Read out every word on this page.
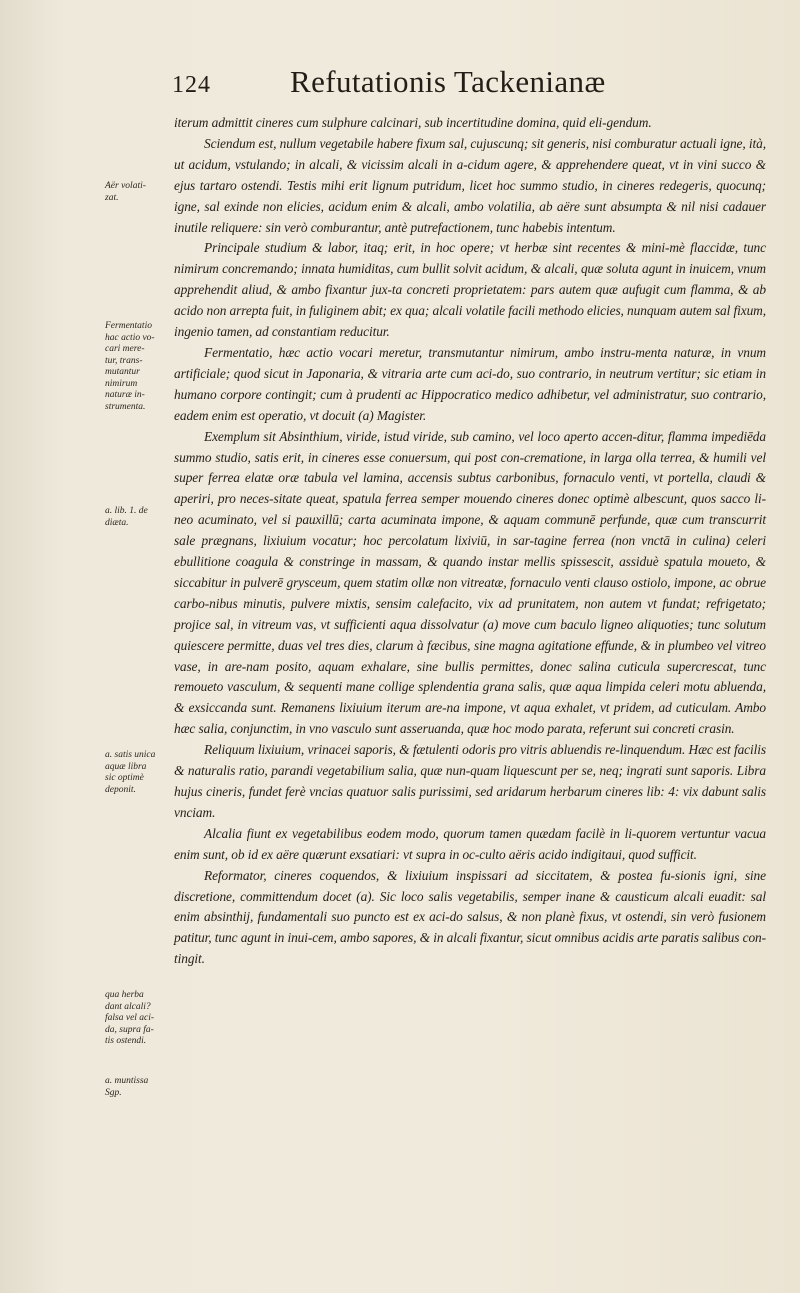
124	Refutationis Tackenianæ
Aër volati-
zat.
Fermentatio
hac actio vo-
cari mere-
tur, trans-
mutantur
nimirum
naturæ in-
strumenta.
a. lib. 1. de
diæta.
a. satis unica
aquæ libra
sic optimè
deponit.
qua herba
dant alcali?
falsa vel aci-
da, supra fa-
tis ostendi.
a. muntissa
Sgp.

iterum admittit cineres cum sulphure calcinari, sub incertitudine domina, quid eli-gendum.

Sciendum est, nullum vegetabile habere fixum sal, cujuscunq; sit generis, nisi comburatur actuali igne, ità, ut acidum, vstulando; in alcali, & vicissim alcali in a-cidum agere, & apprehendere queat, vt in vini succo & ejus tartaro ostendi. Testis mihi erit lignum putridum, licet hoc summo studio, in cineres redegeris, quocunq; igne, sal exinde non elicies, acidum enim & alcali, ambo volatilia, ab aëre sunt absumpta & nil nisi cadauer inutile reliquere: sin verò comburantur, antè putrefactionem, tunc habebis intentum.

Principale studium & labor, itaq; erit, in hoc opere; vt herbæ sint recentes & mini-mè flaccidæ, tunc nimirum concremando; innata humiditas, cum bullit solvit acidum, & alcali, quæ soluta agunt in inuicem, vnum apprehendit aliud, & ambo fixantur jux-ta concreti proprietatem: pars autem quæ aufugit cum flamma, & ab acido non arrepta fuit, in fuliginem abit; ex qua; alcali volatile facili methodo elicies, nunquam autem sal fixum, ingenio tamen, ad constantiam reducitur.

Fermentatio, hæc actio vocari meretur, transmutantur nimirum, ambo instru-menta naturæ, in vnum artificiale; quod sicut in Japonaria, & vitraria arte cum aci-do, suo contrario, in neutrum vertitur; sic etiam in humano corpore contingit; cum à prudenti ac Hippocratico medico adhibetur, vel administratur, suo contrario, eadem enim est operatio, vt docuit (a) Magister.

Exemplum sit Absinthium, viride, istud viride, sub camino, vel loco aperto accen-ditur, flamma impediēda summo studio, satis erit, in cineres esse conuersum, qui post con-crematione, in larga olla terrea, & humili vel super ferrea elatæ oræ tabula vel lamina, accensis subtus carbonibus, fornaculo venti, vt portella, claudi & aperiri, pro neces-sitate queat, spatula ferrea semper mouendo cineres donec optimè albescunt, quos sacco li-neo acuminato, vel si pauxillū; carta acuminata impone, & aquam communē perfunde, quæ cum transcurrit sale prægnans, lixiuium vocatur; hoc percolatum lixiviū, in sar-tagine ferrea (non vnctā in culina) celeri ebullitione coagula & constringe in massam, & quando instar mellis spissescit, assiduè spatula moueto, & siccabitur in pulverē grysceum, quem statim ollæ non vitreatæ, fornaculo venti clauso ostiolo, impone, ac obrue carbo-nibus minutis, pulvere mixtis, sensim calefacito, vix ad prunitatem, non autem vt fundat; refrigetato; projice sal, in vitreum vas, vt sufficienti aqua dissolvatur (a) move cum baculo ligneo aliquoties; tunc solutum quiescere permitte, duas vel tres dies, clarum à fæcibus, sine magna agitatione effunde, & in plumbeo vel vitreo vase, in are-nam posito, aquam exhalare, sine bullis permittes, donec salina cuticula supercrescat, tunc remoueto vasculum, & sequenti mane collige splendentia grana salis, quæ aqua limpida celeri motu abluenda, & exsiccanda sunt. Remanens lixiuium iterum are-na impone, vt aqua exhalet, vt pridem, ad cuticulam. Ambo hæc salia, conjunctim, in vno vasculo sunt asseruanda, quæ hoc modo parata, referunt sui concreti crasin.

Reliquum lixiuium, vrinacei saporis, & fætulenti odoris pro vitris abluendis re-linquendum. Hæc est facilis & naturalis ratio, parandi vegetabilium salia, quæ nun-quam liquescunt per se, neq; ingrati sunt saporis. Libra hujus cineris, fundet ferè vncias quatuor salis purissimi, sed aridarum herbarum cineres lib: 4: vix dabunt salis vnciam.

Alcalia fiunt ex vegetabilibus eodem modo, quorum tamen quædam facilè in li-quorem vertuntur vacua enim sunt, ob id ex aëre quærunt exsatiari: vt supra in oc-culto aëris acido indigitaui, quod sufficit.

Reformator, cineres coquendos, & lixiuium inspissari ad siccitatem, & postea fu-sionis igni, sine discretione, committendum docet (a). Sic loco salis vegetabilis, semper inane & causticum alcali euadit: sal enim absinthij, fundamentali suo puncto est ex aci-do salsus, & non planè fixus, vt ostendi, sin verò fusionem patitur, tunc agunt in inui-cem, ambo sapores, & in alcali fixantur, sicut omnibus acidis arte paratis salibus con-tingit.
